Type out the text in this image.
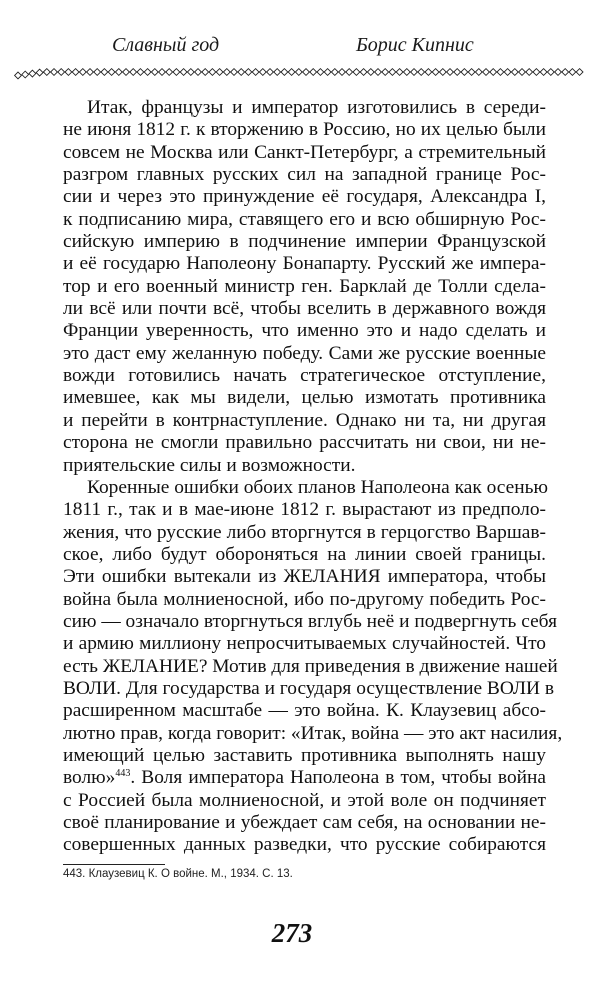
Славный год	Борис Кипнис
Итак, французы и император изготовились в середи-
не июня 1812 г. к вторжению в Россию, но их целью были
совсем не Москва или Санкт-Петербург, а стремительный
разгром главных русских сил на западной границе Рос-
сии и через это принуждение её государя, Александра I,
к подписанию мира, ставящего его и всю обширную Рос-
сийскую империю в подчинение империи Французской
и её государю Наполеону Бонапарту. Русский же импера-
тор и его военный министр ген. Барклай де Толли сдела-
ли всё или почти всё, чтобы вселить в державного вождя
Франции уверенность, что именно это и надо сделать и
это даст ему желанную победу. Сами же русские военные
вожди готовились начать стратегическое отступление,
имевшее, как мы видели, целью измотать противника
и перейти в контрнаступление. Однако ни та, ни другая
сторона не смогли правильно рассчитать ни свои, ни не-
приятельские силы и возможности.
Коренные ошибки обоих планов Наполеона как осенью
1811 г., так и в мае-июне 1812 г. вырастают из предполо-
жения, что русские либо вторгнутся в герцогство Варшав-
ское, либо будут обороняться на линии своей границы.
Эти ошибки вытекали из ЖЕЛАНИЯ императора, чтобы
война была молниеносной, ибо по-другому победить Рос-
сию — означало вторгнуться вглубь неё и подвергнуть себя
и армию миллиону непросчитываемых случайностей. Что
есть ЖЕЛАНИЕ? Мотив для приведения в движение нашей
ВОЛИ. Для государства и государя осуществление ВОЛИ в
расширенном масштабе — это война. К. Клаузевиц абсо-
лютно прав, когда говорит: «Итак, война — это акт насилия,
имеющий целью заставить противника выполнять нашу
волю»$^{443}$. Воля императора Наполеона в том, чтобы война
с Россией была молниеносной, и этой воле он подчиняет
своё планирование и убеждает сам себя, на основании не-
совершенных данных разведки, что русские собираются
443. Клаузевиц К. О войне. М., 1934. С. 13.
273
